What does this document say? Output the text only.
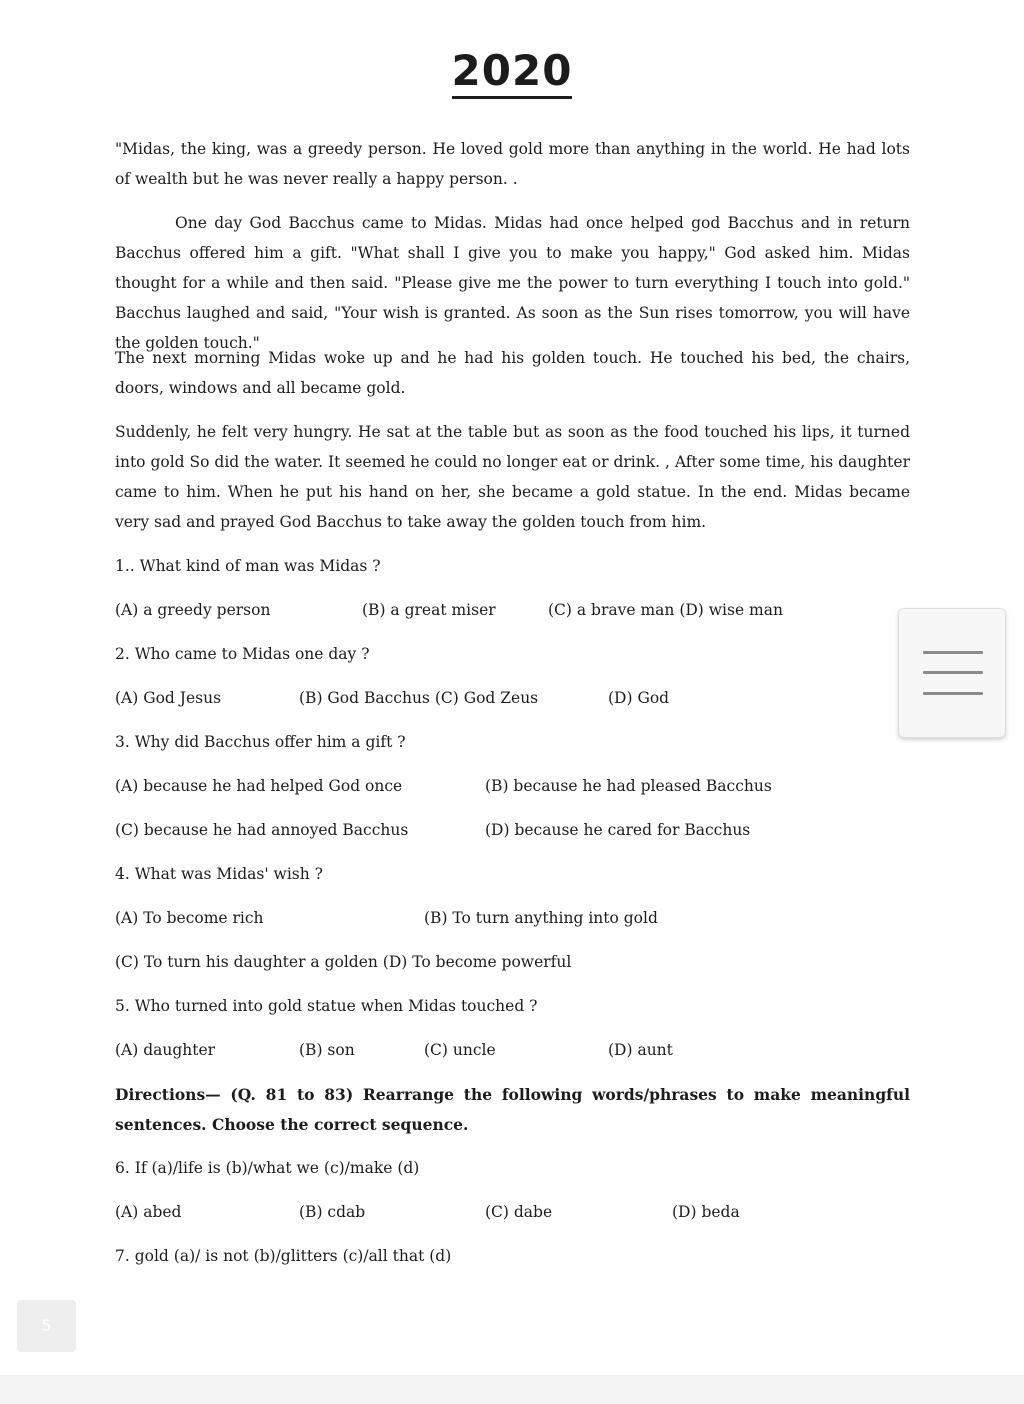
2020

"Midas, the king, was a greedy person. He loved gold more than anything in the world. He had lots of wealth but he was never really a happy person. .

One day God Bacchus came to Midas. Midas had once helped god Bacchus and in return Bacchus offered him a gift. "What shall I give you to make you happy," God asked him. Midas thought for a while and then said. "Please give me the power to turn everything I touch into gold." Bacchus laughed and said, "Your wish is granted. As soon as the Sun rises tomorrow, you will have the golden touch."

The next morning Midas woke up and he had his golden touch. He touched his bed, the chairs, doors, windows and all became gold.

Suddenly, he felt very hungry. He sat at the table but as soon as the food touched his lips, it turned into gold So did the water. It seemed he could no longer eat or drink. , After some time, his daughter came to him. When he put his hand on her, she became a gold statue. In the end. Midas became very sad and prayed God Bacchus to take away the golden touch from him.

1.. What kind of man was Midas ?

(A) a greedy person	(B) a great miser	(C) a brave man (D) wise man

2. Who came to Midas one day ?

(A) God Jesus	(B) God Bacchus (C) God Zeus	(D) God

3. Why did Bacchus offer him a gift ?

(A) because he had helped God once	(B) because he had pleased Bacchus

(C) because he had annoyed Bacchus	(D) because he cared for Bacchus

4. What was Midas' wish ?

(A) To become rich	(B) To turn anything into gold

(C) To turn his daughter a golden (D) To become powerful

5. Who turned into gold statue when Midas touched ?

(A) daughter	(B) son	(C) uncle	(D) aunt

Directions— (Q. 81 to 83) Rearrange the following words/phrases to make meaningful sentences. Choose the correct sequence.

6. If (a)/life is (b)/what we (c)/make (d)

(A) abed	(B) cdab	(C) dabe	(D) beda

7. gold (a)/ is not (b)/glitters (c)/all that (d)

5
